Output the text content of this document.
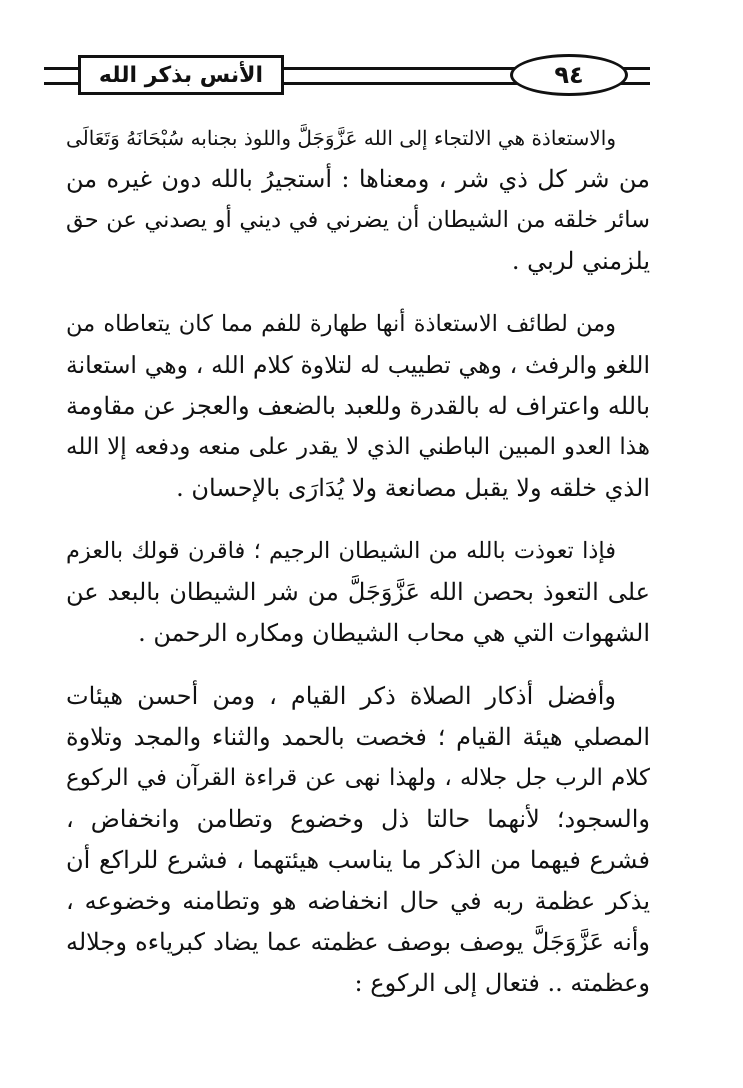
الأنس بذكر الله	٩٤
والاستعاذة هي الالتجاء إلى الله عَزَّوَجَلَّ واللوذ بجنابه سُبْحَانَهُ وَتَعَالَى
من شر كل ذي شر ، ومعناها : أستجيرُ بالله دون غيره من
سائر خلقه من الشيطان أن يضرني في ديني أو يصدني عن حق
يلزمني لربي .
ومن لطائف الاستعاذة أنها طهارة للفم مما كان يتعاطاه من
اللغو والرفث ، وهي تطييب له لتلاوة كلام الله ، وهي استعانة
بالله واعتراف له بالقدرة وللعبد بالضعف والعجز عن مقاومة
هذا العدو المبين الباطني الذي لا يقدر على منعه ودفعه إلا الله
الذي خلقه ولا يقبل مصانعة ولا يُدَارَى بالإحسان .
فإذا تعوذت بالله من الشيطان الرجيم ؛ فاقرن قولك بالعزم
على التعوذ بحصن الله عَزَّوَجَلَّ من شر الشيطان بالبعد عن
الشهوات التي هي محاب الشيطان ومكاره الرحمن .
وأفضل أذكار الصلاة ذكر القيام ، ومن أحسن هيئات
المصلي هيئة القيام ؛ فخصت بالحمد والثناء والمجد وتلاوة
كلام الرب جل جلاله ، ولهذا نهى عن قراءة القرآن في الركوع
والسجود؛ لأنهما حالتا ذل وخضوع وتطامن وانخفاض ،
فشرع فيهما من الذكر ما يناسب هيئتهما ، فشرع للراكع أن
يذكر عظمة ربه في حال انخفاضه هو وتطامنه وخضوعه ،
وأنه عَزَّوَجَلَّ يوصف بوصف عظمته عما يضاد كبرياءه وجلاله
وعظمته .. فتعال إلى الركوع :
